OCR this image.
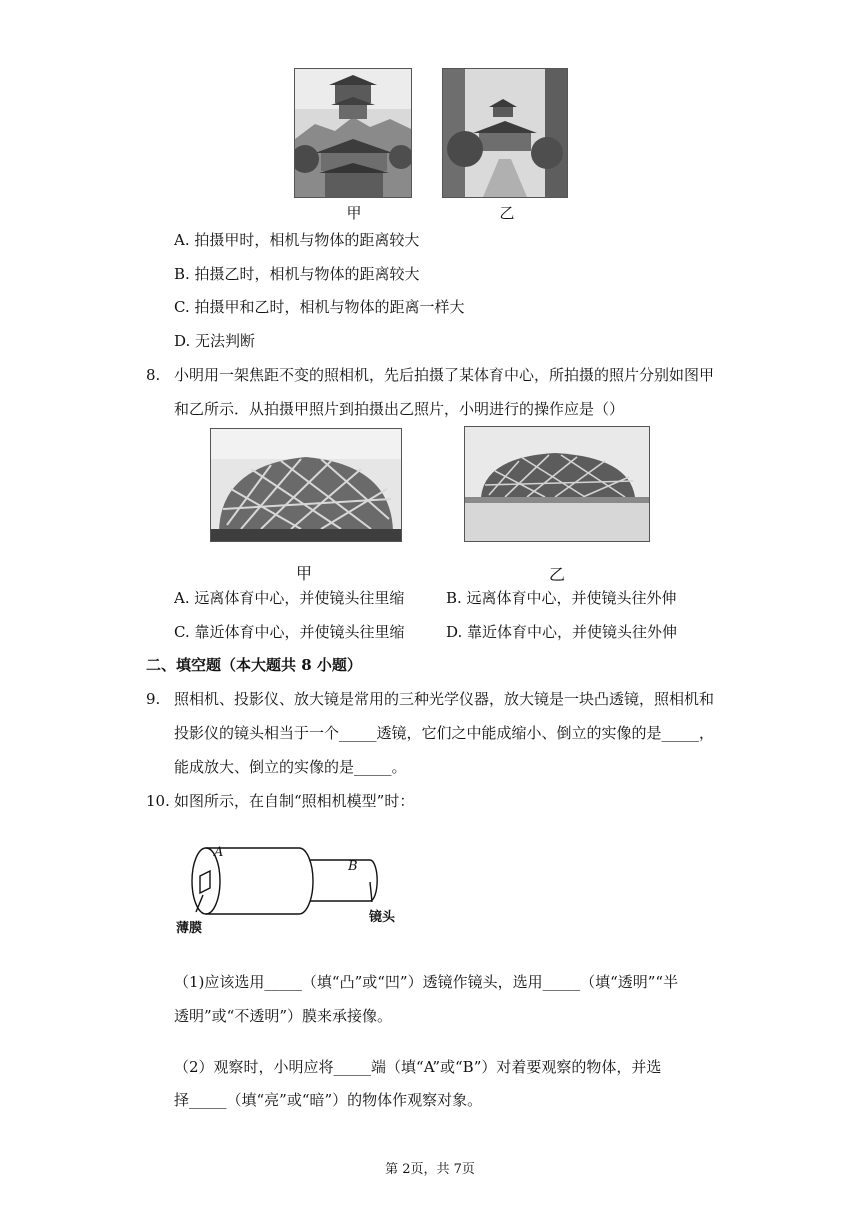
甲	乙
A. 拍摄甲时，相机与物体的距离较大
B. 拍摄乙时，相机与物体的距离较大
C. 拍摄甲和乙时，相机与物体的距离一样大
D. 无法判断
8. 小明用一架焦距不变的照相机，先后拍摄了某体育中心，所拍摄的照片分别如图甲
和乙所示．从拍摄甲照片到拍摄出乙照片，小明进行的操作应是（）
甲	乙
A. 远离体育中心，并使镜头往里缩	B. 远离体育中心，并使镜头往外伸
C. 靠近体育中心，并使镜头往里缩	D. 靠近体育中心，并使镜头往外伸
二、填空题（本大题共 8 小题）
9. 照相机、投影仪、放大镜是常用的三种光学仪器，放大镜是一块凸透镜，照相机和
投影仪的镜头相当于一个_____透镜，它们之中能成缩小、倒立的实像的是_____，
能成放大、倒立的实像的是_____。
10. 如图所示，在自制“照相机模型”时：
A
B
薄膜
镜头
（1)应该选用_____（填“凸”或“凹”）透镜作镜头，选用_____（填“透明”“半
透明”或“不透明”）膜来承接像。
（2）观察时，小明应将_____端（填“A”或“B”）对着要观察的物体，并选
择_____（填“亮”或“暗”）的物体作观察对象。
第 2页，共 7页
